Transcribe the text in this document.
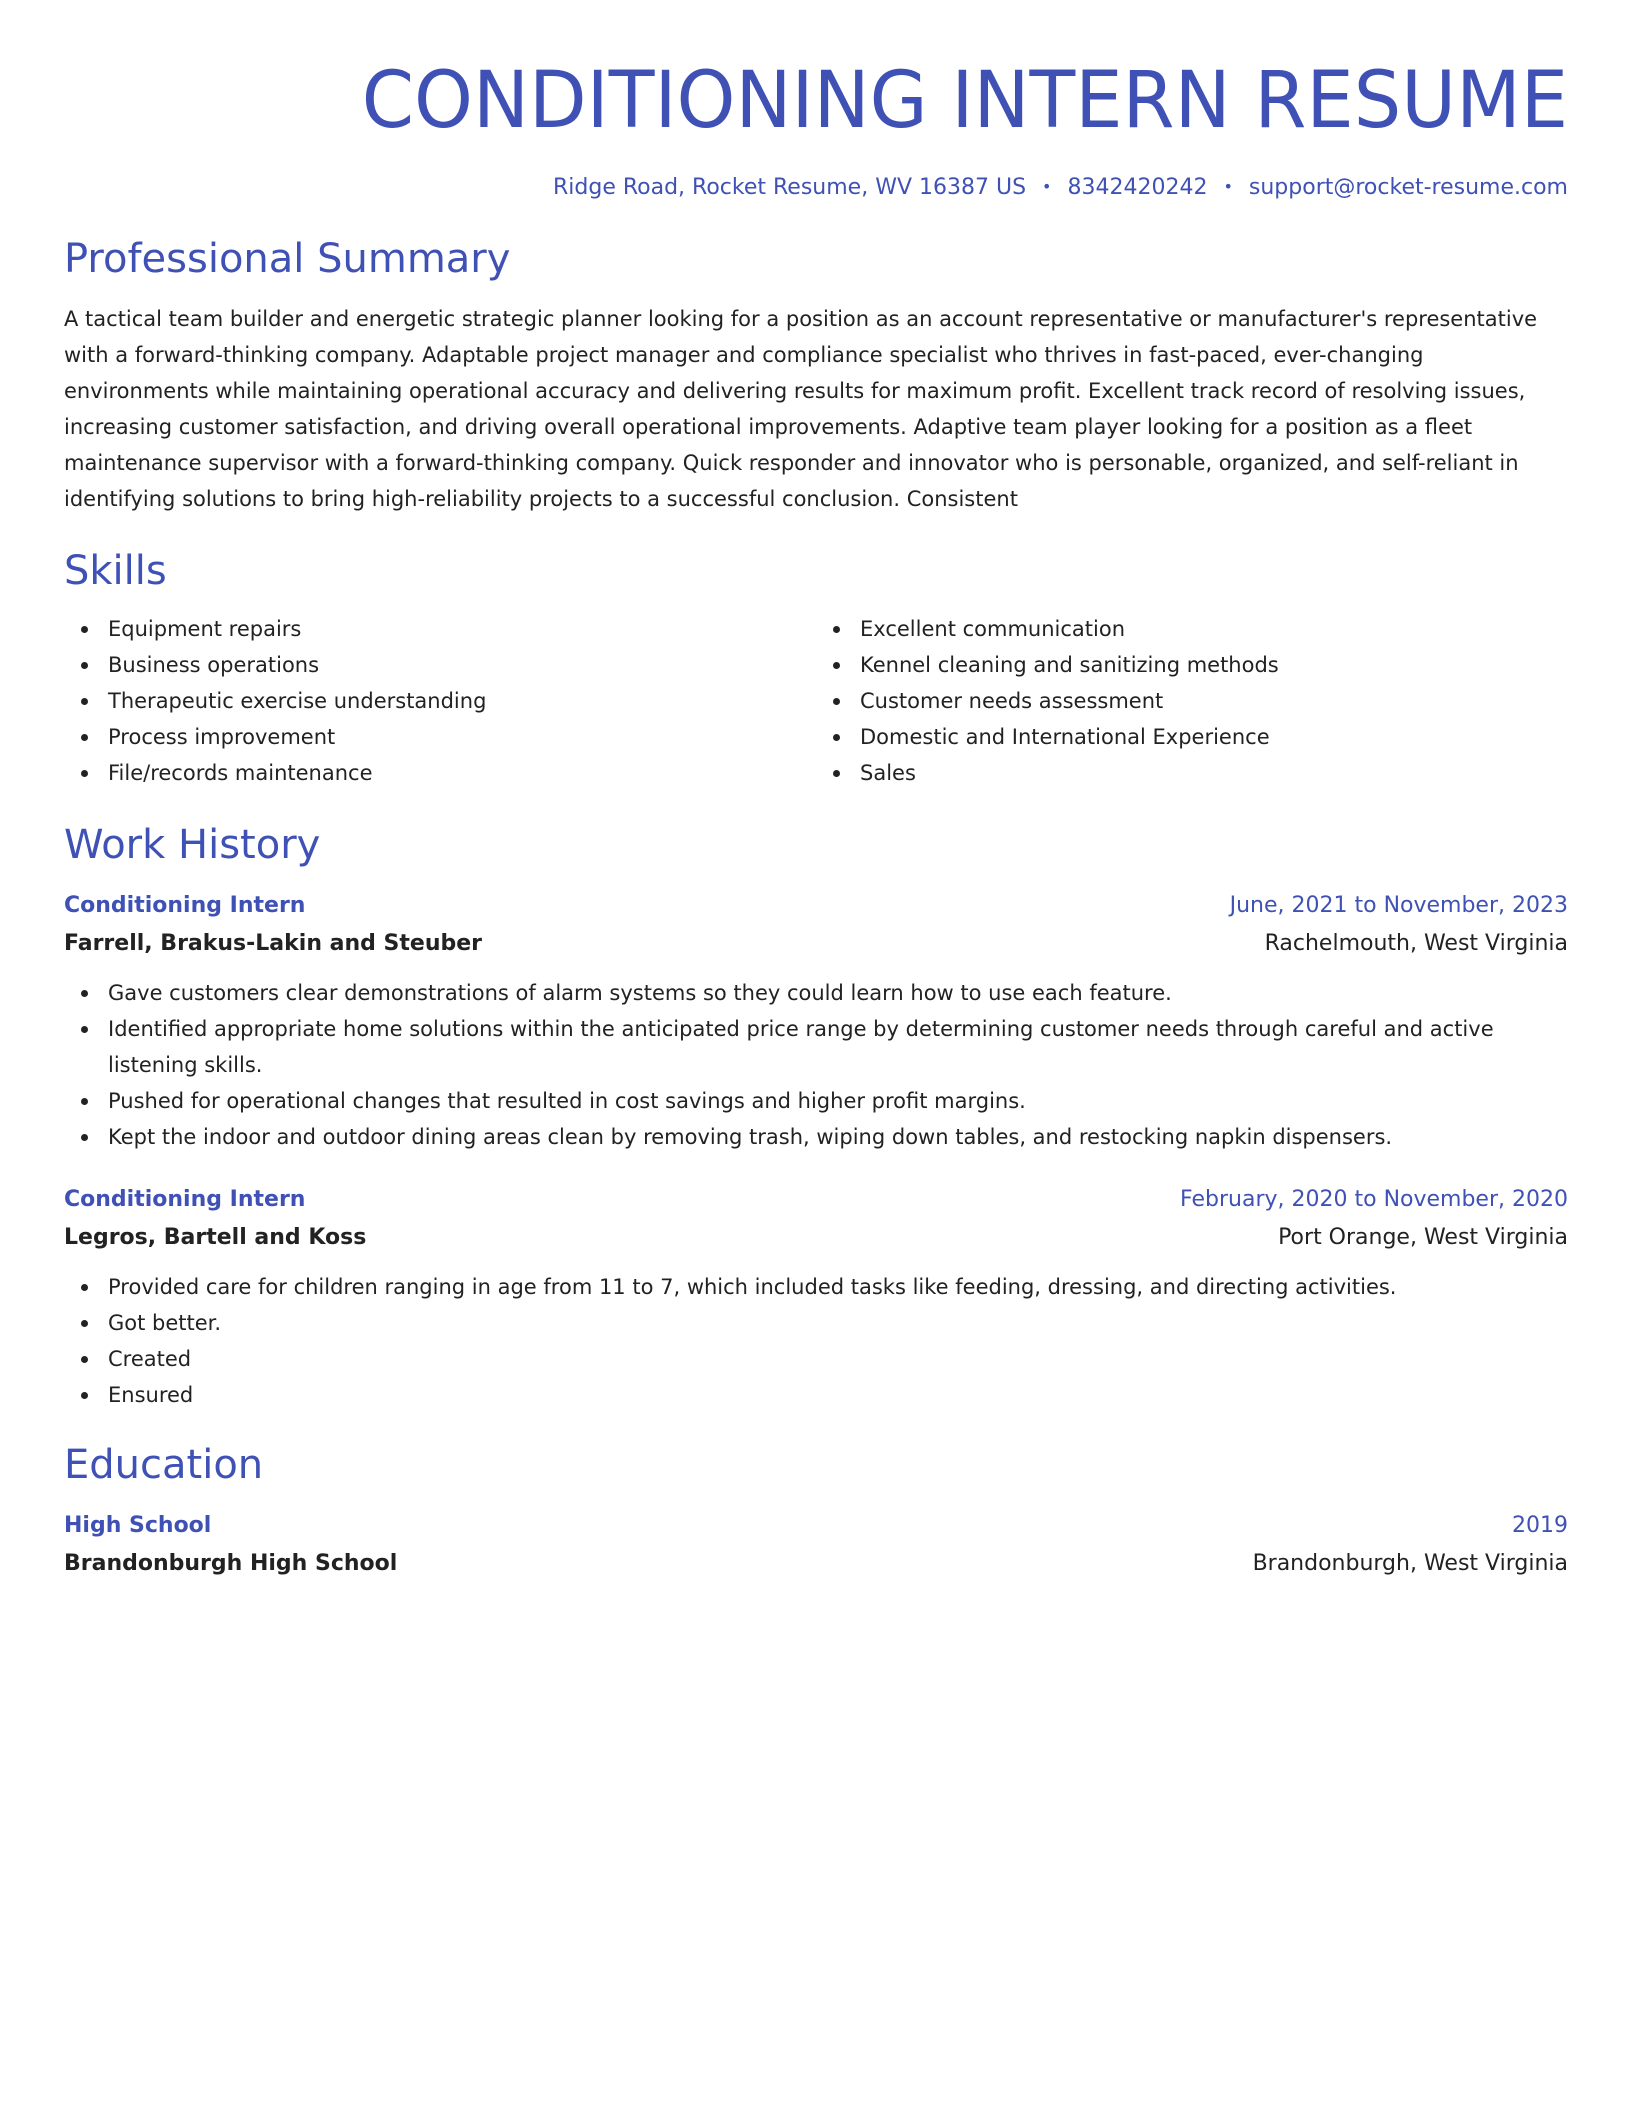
CONDITIONING INTERN RESUME
Ridge Road, Rocket Resume, WV 16387 US • 8342420242 • support@rocket-resume.com
Professional Summary

A tactical team builder and energetic strategic planner looking for a position as an account representative or manufacturer's representative with a forward-thinking company. Adaptable project manager and compliance specialist who thrives in fast-paced, ever-changing environments while maintaining operational accuracy and delivering results for maximum profit. Excellent track record of resolving issues, increasing customer satisfaction, and driving overall operational improvements. Adaptive team player looking for a position as a fleet maintenance supervisor with a forward-thinking company. Quick responder and innovator who is personable, organized, and self-reliant in identifying solutions to bring high-reliability projects to a successful conclusion. Consistent

Skills
Equipment repairs
Business operations
Therapeutic exercise understanding
Process improvement
File/records maintenance
Excellent communication
Kennel cleaning and sanitizing methods
Customer needs assessment
Domestic and International Experience
Sales
Work History
Conditioning Intern	June, 2021 to November, 2023
Farrell, Brakus-Lakin and Steuber	Rachelmouth, West Virginia
Gave customers clear demonstrations of alarm systems so they could learn how to use each feature.
Identified appropriate home solutions within the anticipated price range by determining customer needs through careful and active listening skills.
Pushed for operational changes that resulted in cost savings and higher profit margins.
Kept the indoor and outdoor dining areas clean by removing trash, wiping down tables, and restocking napkin dispensers.
Conditioning Intern	February, 2020 to November, 2020
Legros, Bartell and Koss	Port Orange, West Virginia
Provided care for children ranging in age from 11 to 7, which included tasks like feeding, dressing, and directing activities.
Got better.
Created
Ensured
Education
High School	2019
Brandonburgh High School	Brandonburgh, West Virginia
